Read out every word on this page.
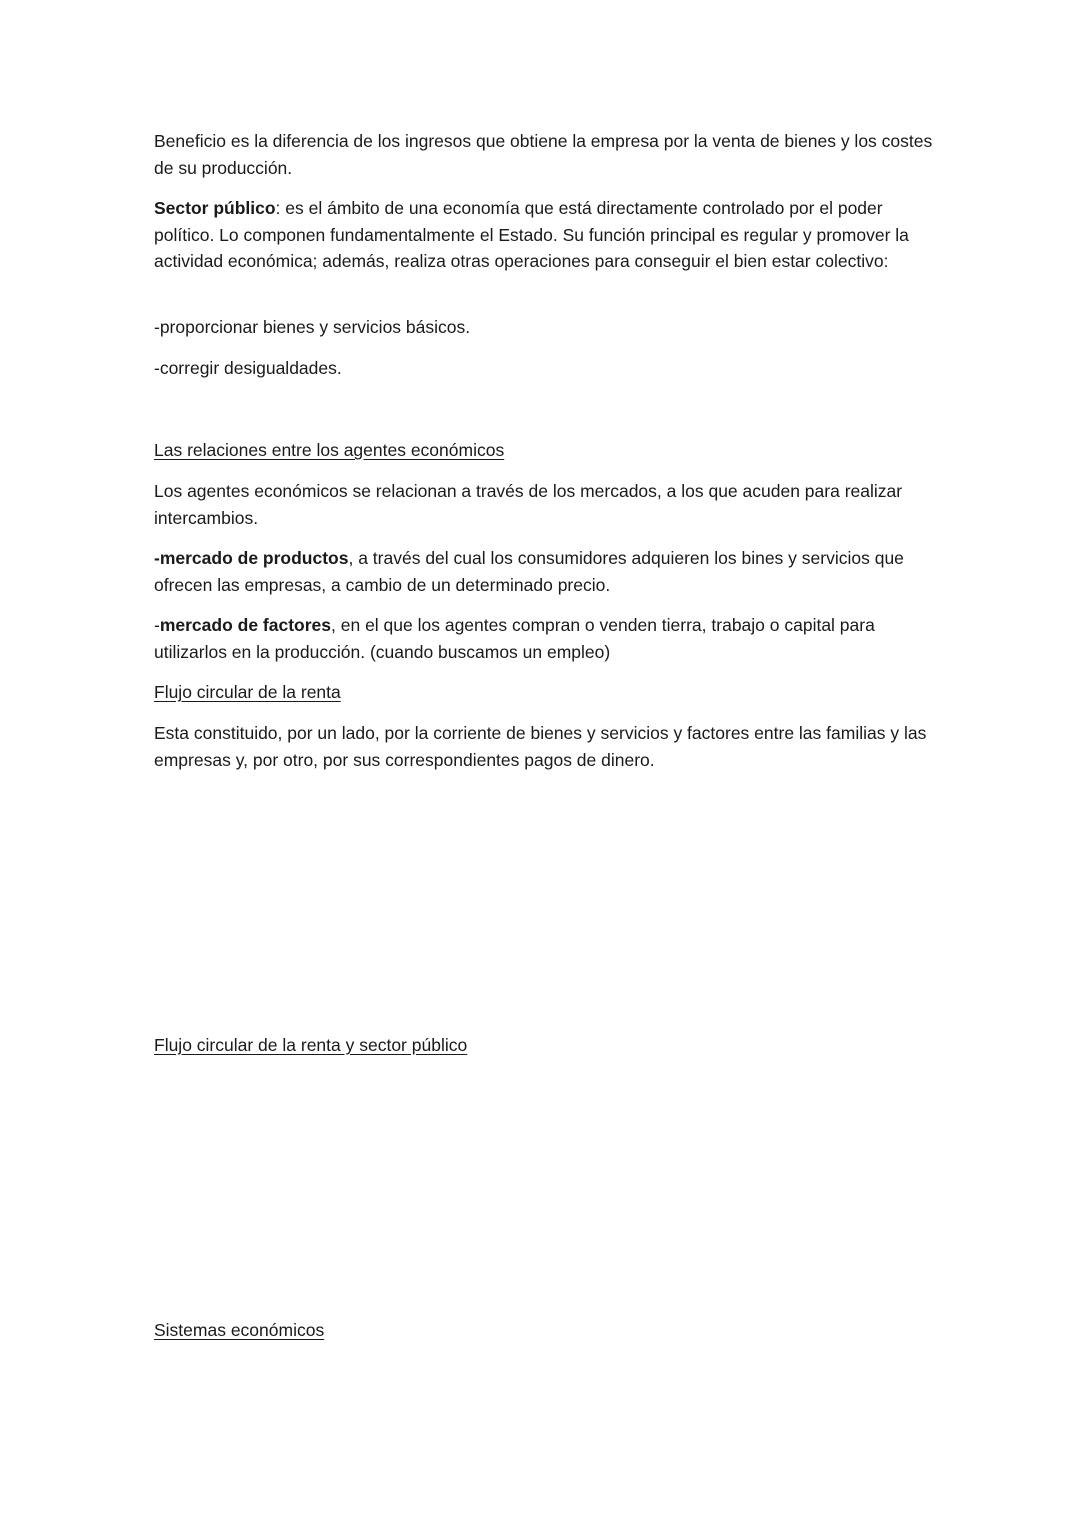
Beneficio es la diferencia de los ingresos que obtiene la empresa por la venta de bienes y los costes de su producción.

Sector público: es el ámbito de una economía que está directamente controlado por el poder político. Lo componen fundamentalmente el Estado. Su función principal es regular y promover la actividad económica; además, realiza otras operaciones para conseguir el bien estar colectivo:

-proporcionar bienes y servicios básicos.

-corregir desigualdades.

Las relaciones entre los agentes económicos

Los agentes económicos se relacionan a través de los mercados, a los que acuden para realizar intercambios.

-mercado de productos, a través del cual los consumidores adquieren los bines y servicios que ofrecen las empresas, a cambio de un determinado precio.

-mercado de factores, en el que los agentes compran o venden tierra, trabajo o capital para utilizarlos en la producción. (cuando buscamos un empleo)

Flujo circular de la renta

Esta constituido, por un lado, por la corriente de bienes y servicios y factores entre las familias y las empresas y, por otro, por sus correspondientes pagos de dinero.

Flujo circular de la renta y sector público

Sistemas económicos
